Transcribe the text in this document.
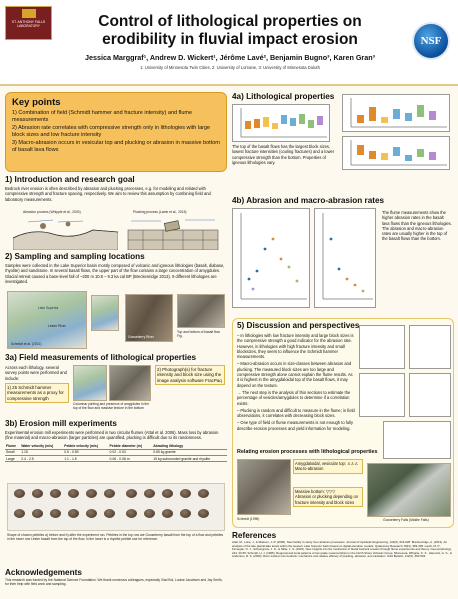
ST. ANTHONY FALLS LABORATORY	Control of lithological properties on erodibility in fluvial impact erosion
Jessica Marggraf¹, Andrew D. Wickert¹, Jérôme Lavé², Benjamin Bugno³, Karen Gran³
1: University of Minnesota Twin Cities, 2: University of Lorraine, 3: University of Minnesota Duluth
NSF
Key points
1) Combination of field (Schmidt hammer and fracture intensity) and flume measurements
2) Abrasion rate correlates with compressive strength only in lithologies with large block sizes and low fracture intensity
3) Macro-abrasion occurs in vesicular top and plucking or abrasion in massive bottom of basalt lava flows
1) Introduction and research goal
Bedrock river erosion is often described by abrasion and plucking processes, e.g. for modeling and related with compressive strength and fracture spacing, respectively. We aim to review this assumption by combining field and laboratory measurements.
Abrasion process (Whipple et al., 2000)	Plucking process (Lamb et al., 2015)
2) Sampling and sampling locations
Samples were collected in the Lake Superior basin mostly composed of volcanic and igneous lithologies (basalt, diabase, rhyolite) and sandstone. In several basalt flows, the upper part of the flow contains a large concentration of amygdules. Glacial retreat caused a base-level fall of ~200 m 10.8 – 9.3 ka cal BP (Breckenridge 2013). 9 different lithologies are investigated.
Lake Superior
Lester River
Schmidt et al. (2021)
Gooseberry River
Top and bottom of basalt flow Fig.
3a) Field measurements of lithological properties
Across each lithology, several survey points were performed and include:
1) 25 Schmidt hammer measurements as a proxy for compressive strength
Columnar jointing and presence of amygdules in the top of the flow and massive texture in the bottom
2) Photograph(s) for fracture intensity and block size using the image analysis software FracPaq
3b) Erosion mill experiments
Experimental erosion mill experiments were performed in two circular flumes (Attal et al. 2006). Mass loss by abrasion (fine material) and macro-abrasion (larger particles) are quantified, plucking is difficult due to its randomness.
Flume	Water velocity (m/s)	Pebble velocity (m/s)	Pebble diameter (m)	Abrading lithology
Small	1.15	0.5 - 0.59	0.02 - 0.03	0.65 kg granite
Large	2.4 - 2.5	1.1 - 1.5	0.06 - 0.08 m	15 kg subrounded granite and rhyolite
Shape of chosen pebbles a) before and b) after the experiment run. Pebbles in the top row are Gooseberry basalt from the top of a flow and pebbles in the lower row Lester basalt from the top of the flow, in the lower is a rhyolite pebble use for reference.
Acknowledgements
This research was funded by the National Science Foundation. We thank numerous colleagues, especially Vlad Bol, Louise Jacobsen and Jay Smith, for their help with field work and sampling.
4a) Lithological properties
The top of the basalt flows has the largest block sizes, lowest fracture intensities (cooling fractures) and a lower compressive strength than the bottom. Properties of igneous lithologies vary.
4b) Abrasion and macro-abrasion rates
The flume measurements show the higher abrasion rates in the basalt lava flows than the igneous lithologies. The abrasion and macro-abrasion rates are usually higher in the top of the basalt flows than the bottom.
5) Discussion and perspectives
– In lithologies with low fracture intensity and large block sizes is the compressive strength a good indicator for the abrasion rate. However, in lithologies with high fracture intensity and small blocksizes, they seem to influence the Schmidt hammer measurements.
– Macro-abrasion occurs in size-classes between abrasion and plucking. The measured block sizes are too large and compressive strength alone cannot explain the flume results. As it is highest in the amygdaloidal top of the basalt flows, it may depend on the texture.
→ The next step is the analysis of thin sections to estimate the percentage of vesicles/amygdules to determine if a correlation exists.
– Plucking is random and difficult to measure in the flume; in field observations, it correlates with decreasing block sizes.
– One type of field or flume measurements is not enough to fully describe erosion processes and yield information for modeling.
Relating erosion processes with lithological properties
Schmidt (1995)
Amygdaloidal, vesicular top: ♙♙♙
Macro-abrasion
Massive bottom: ▽▽▽
Abrasion or plucking depending on fracture intensity and block sizes
Gooseberry Falls (Middle Falls)
References
Attal, M., Lavé, J., & Masson, J.-P. (2006). New facility to study river abrasion processes. Journal of Hydraulic Engineering, 132(6), 624-628. Breckenridge, A. (2013). An analysis of the late glacial lake levels within the western Lake Superior basin based on digital elevation models. Quaternary Research, 80(3), 383-395. Lamb, M. P., Finnegan, N. J., Scheingross, J. S., & Sklar, L. S. (2015). New insights into the mechanics of fluvial bedrock erosion through flume experiments and theory. Geomorphology, 244, 33-55. Schmidt, H. J. (1995). Regional and local patterns of low grade metamorphism in the North Shore Volcanic Group, Minnesota. Whipple, K. X., Hancock, G. S., & Anderson, R. S. (2000). River incision into bedrock: mechanics and relative efficacy of plucking, abrasion, and cavitation. GSA Bulletin, 112(3), 490-503.
